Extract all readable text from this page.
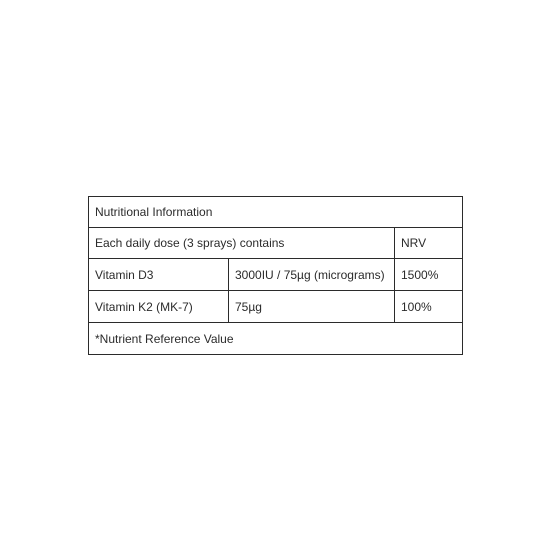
Nutritional Information		
Each daily dose (3 sprays) contains		NRV
Vitamin D3	3000IU / 75µg (micrograms)	1500%
Vitamin K2 (MK-7)	75µg	100%
*Nutrient Reference Value		
